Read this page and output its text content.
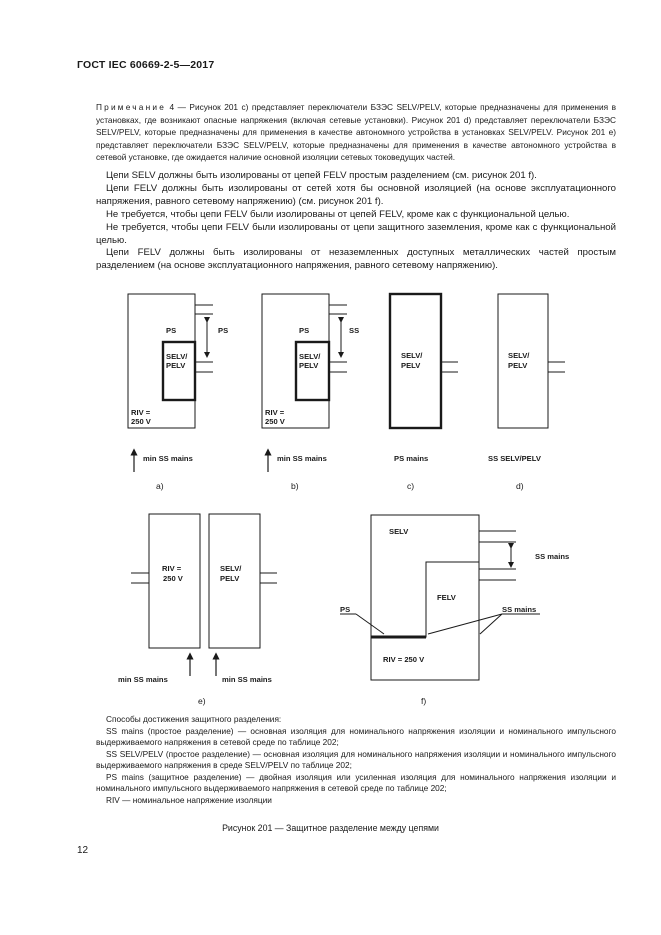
ГОСТ IEC 60669-2-5—2017
Примечание 4 — Рисунок 201 c) представляет переключатели БЗЭС SELV/PELV, которые предназначены для применения в установках, где возникают опасные напряжения (включая сетевые установки). Рисунок 201 d) представляет переключатели БЗЭС SELV/PELV, которые предназначены для применения в качестве автономного устройства в установках SELV/PELV. Рисунок 201 e) представляет переключатели БЗЭС SELV/PELV, которые предназначены для применения в качестве автономного устройства в сетевой установке, где ожидается наличие основной изоляции сетевых токоведущих частей.

Цепи SELV должны быть изолированы от цепей FELV простым разделением (см. рисунок 201 f).

Цепи FELV должны быть изолированы от сетей хотя бы основной изоляцией (на основе эксплуатационного напряжения, равного сетевому напряжению) (см. рисунок 201 f).

Не требуется, чтобы цепи FELV были изолированы от цепей FELV, кроме как с функциональной целью.

Не требуется, чтобы цепи FELV были изолированы от цепи защитного заземления, кроме как с функциональной целью.

Цепи FELV должны быть изолированы от незаземленных доступных металлических частей простым разделением (на основе эксплуатационного напряжения, равного сетевому напряжению).

PS	PS
SELV/
PELV
RIV =
250 V
min SS mains
a)
PS	SS
SELV/
PELV
RIV =
250 V
min SS mains
b)
SELV/
PELV
PS mains
c)
SELV/
PELV
SS SELV/PELV
d)
RIV =
250 V
SELV/
PELV
min SS mains	min SS mains
e)
SELV
SS mains
FELV
PS	SS mains
RIV = 250 V
f)

Способы достижения защитного разделения:

SS mains (простое разделение) — основная изоляция для номинального напряжения изоляции и номинального импульсного выдерживаемого напряжения в сетевой среде по таблице 202;

SS SELV/PELV (простое разделение) — основная изоляция для номинального напряжения изоляции и номинального импульсного выдерживаемого напряжения в среде SELV/PELV по таблице 202;

PS mains (защитное разделение) — двойная изоляция или усиленная изоляция для номинального напряжения изоляции и номинального импульсного выдерживаемого напряжения в сетевой среде по таблице 202;

RIV — номинальное напряжение изоляции

Рисунок 201 — Защитное разделение между цепями
12
